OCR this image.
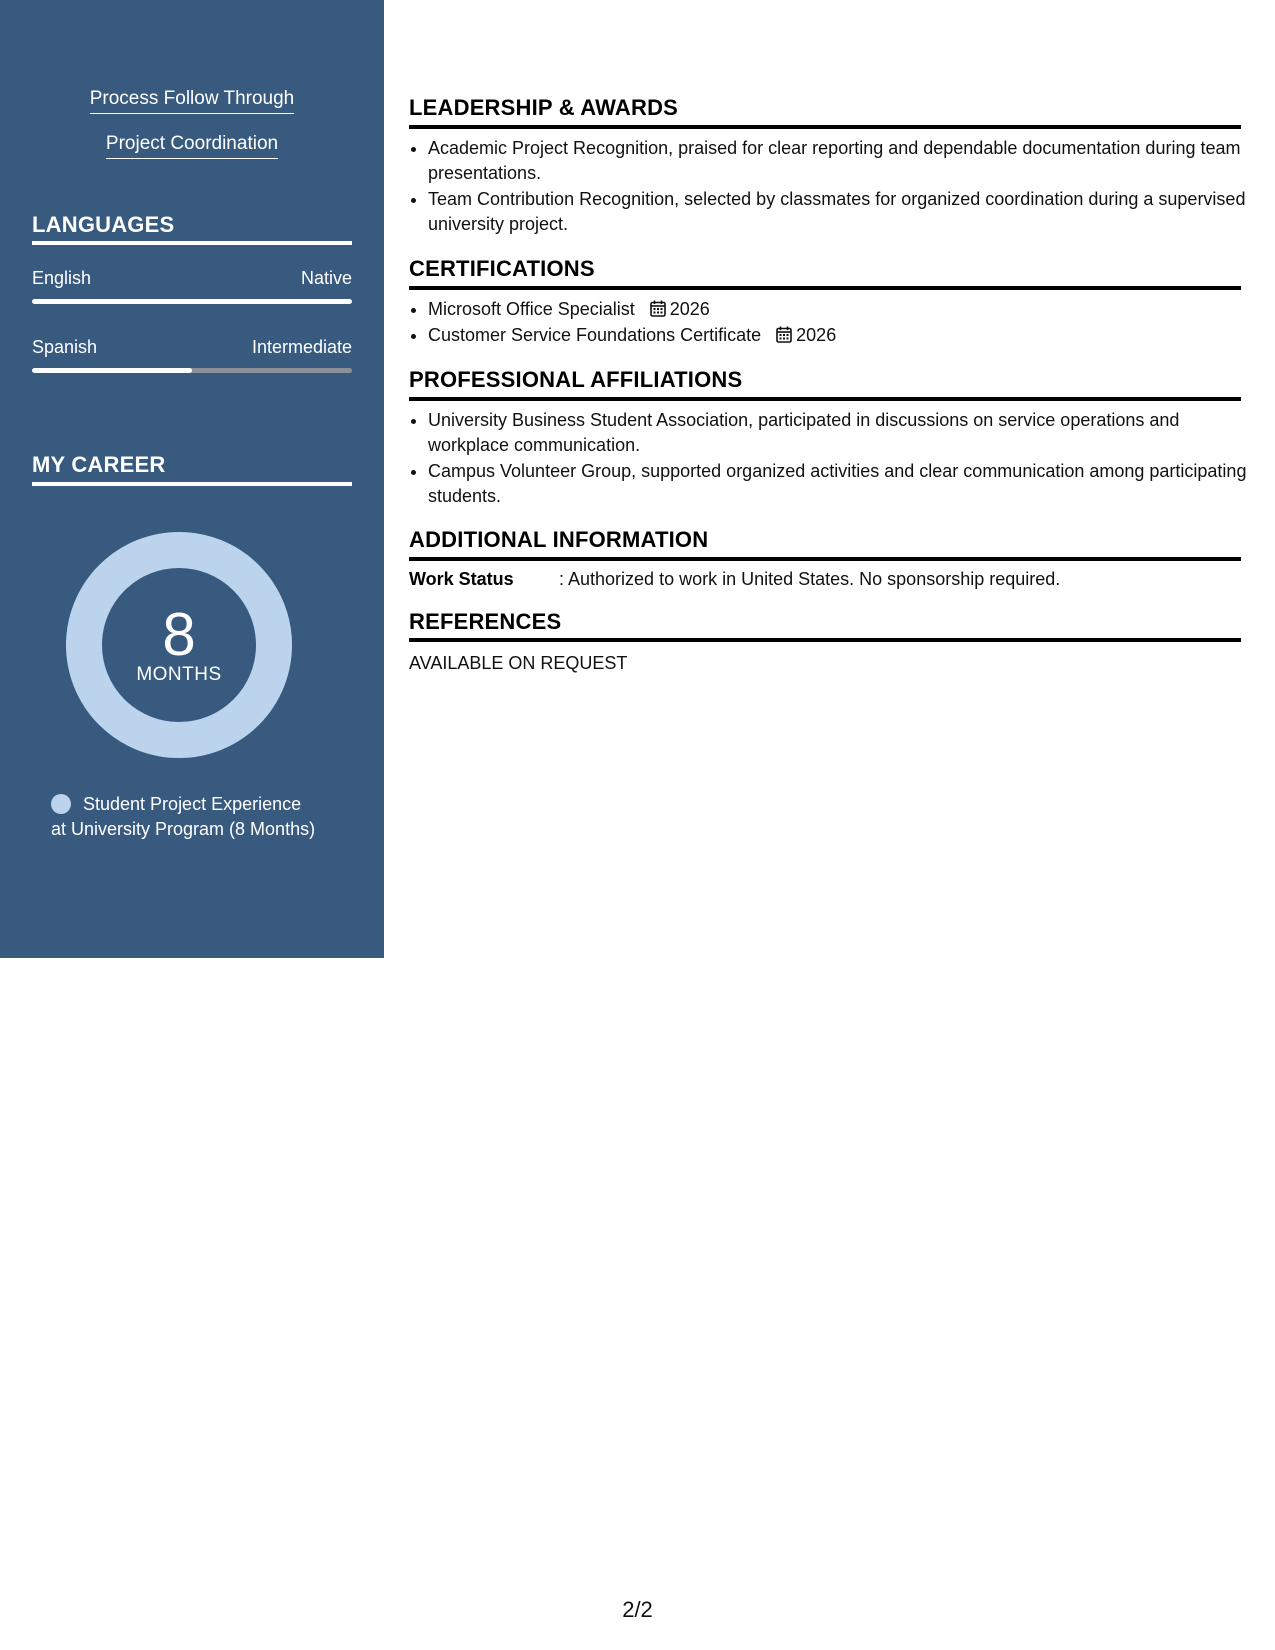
Process Follow Through
Project Coordination
LANGUAGES
English	Native
Spanish	Intermediate
MY CAREER
8
MONTHS
Student Project Experience at University Program (8 Months)
LEADERSHIP & AWARDS
• Academic Project Recognition, praised for clear reporting and dependable documentation during team presentations.
• Team Contribution Recognition, selected by classmates for organized coordination during a supervised university project.
CERTIFICATIONS
• Microsoft Office Specialist 2026
• Customer Service Foundations Certificate 2026
PROFESSIONAL AFFILIATIONS
• University Business Student Association, participated in discussions on service operations and workplace communication.
• Campus Volunteer Group, supported organized activities and clear communication among participating students.
ADDITIONAL INFORMATION
Work Status	: Authorized to work in United States. No sponsorship required.
REFERENCES
AVAILABLE ON REQUEST
2/2
